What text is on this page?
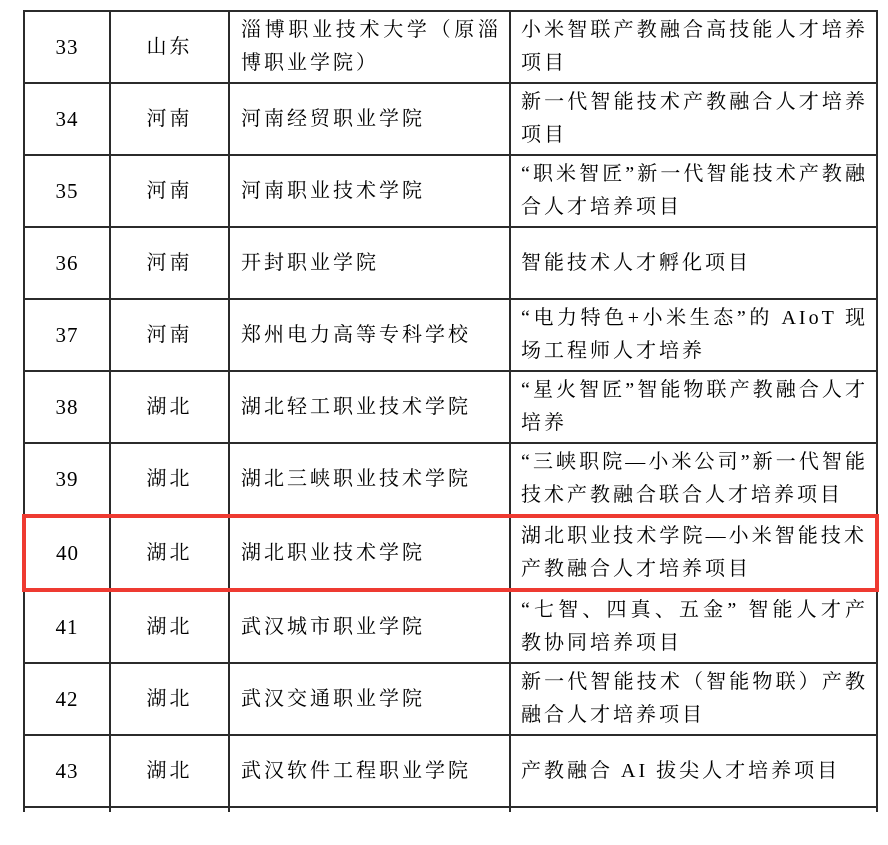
33	山东	淄博职业技术大学（原淄博职业学院）	小米智联产教融合高技能人才培养项目
34	河南	河南经贸职业学院	新一代智能技术产教融合人才培养项目
35	河南	河南职业技术学院	“职米智匠”新一代智能技术产教融合人才培养项目
36	河南	开封职业学院	智能技术人才孵化项目
37	河南	郑州电力高等专科学校	“电力特色+小米生态”的 AIoT 现场工程师人才培养
38	湖北	湖北轻工职业技术学院	“星火智匠”智能物联产教融合人才培养
39	湖北	湖北三峡职业技术学院	“三峡职院—小米公司”新一代智能技术产教融合联合人才培养项目
40	湖北	湖北职业技术学院	湖北职业技术学院—小米智能技术产教融合人才培养项目
41	湖北	武汉城市职业学院	“七智、四真、五金” 智能人才产教协同培养项目
42	湖北	武汉交通职业学院	新一代智能技术（智能物联）产教融合人才培养项目
43	湖北	武汉软件工程职业学院	产教融合 AI 拔尖人才培养项目
